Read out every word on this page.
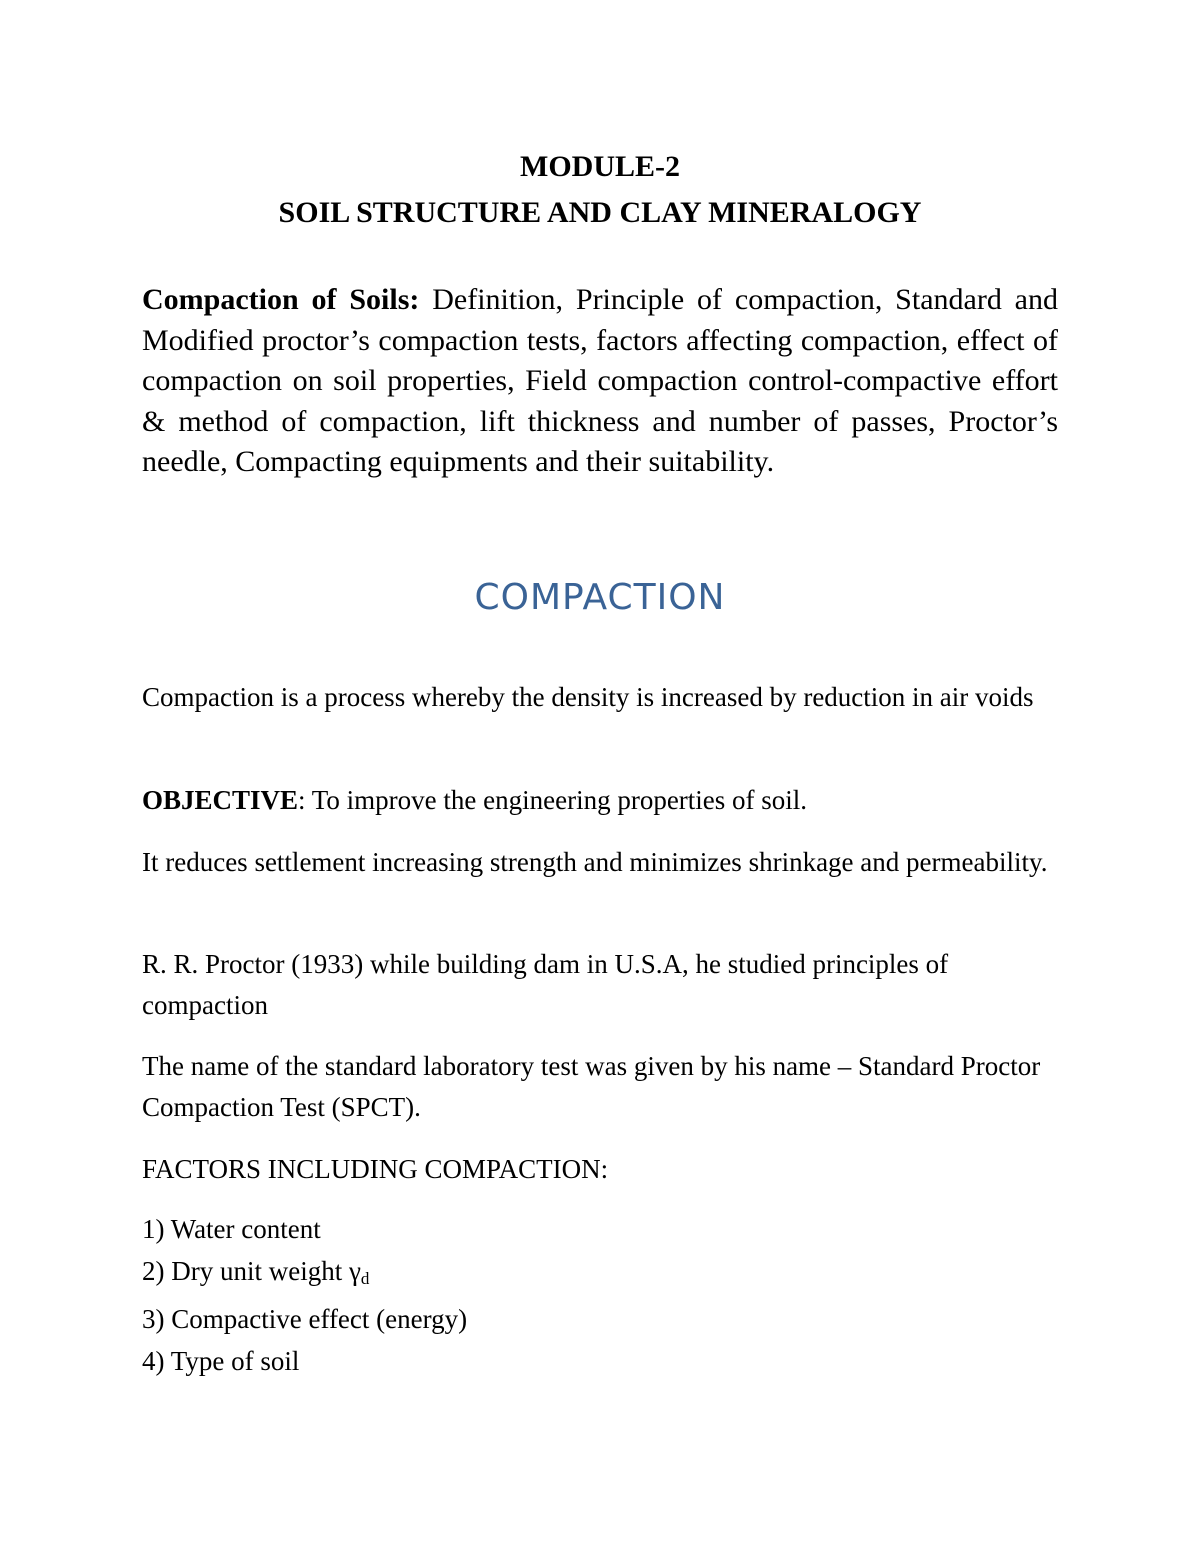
MODULE-2
SOIL STRUCTURE AND CLAY MINERALOGY
Compaction of Soils: Definition, Principle of compaction, Standard and Modified proctor’s compaction tests, factors affecting compaction, effect of compaction on soil properties, Field compaction control-compactive effort & method of compaction, lift thickness and number of passes, Proctor’s needle, Compacting equipments and their suitability.
COMPACTION

Compaction is a process whereby the density is increased by reduction in air voids

OBJECTIVE: To improve the engineering properties of soil.

It reduces settlement increasing strength and minimizes shrinkage and permeability.

R. R. Proctor (1933) while building dam in U.S.A, he studied principles of compaction

The name of the standard laboratory test was given by his name – Standard Proctor Compaction Test (SPCT).

FACTORS INCLUDING COMPACTION:

1) Water content
2) Dry unit weight $\gamma_d$
3) Compactive effect (energy)
4) Type of soil
